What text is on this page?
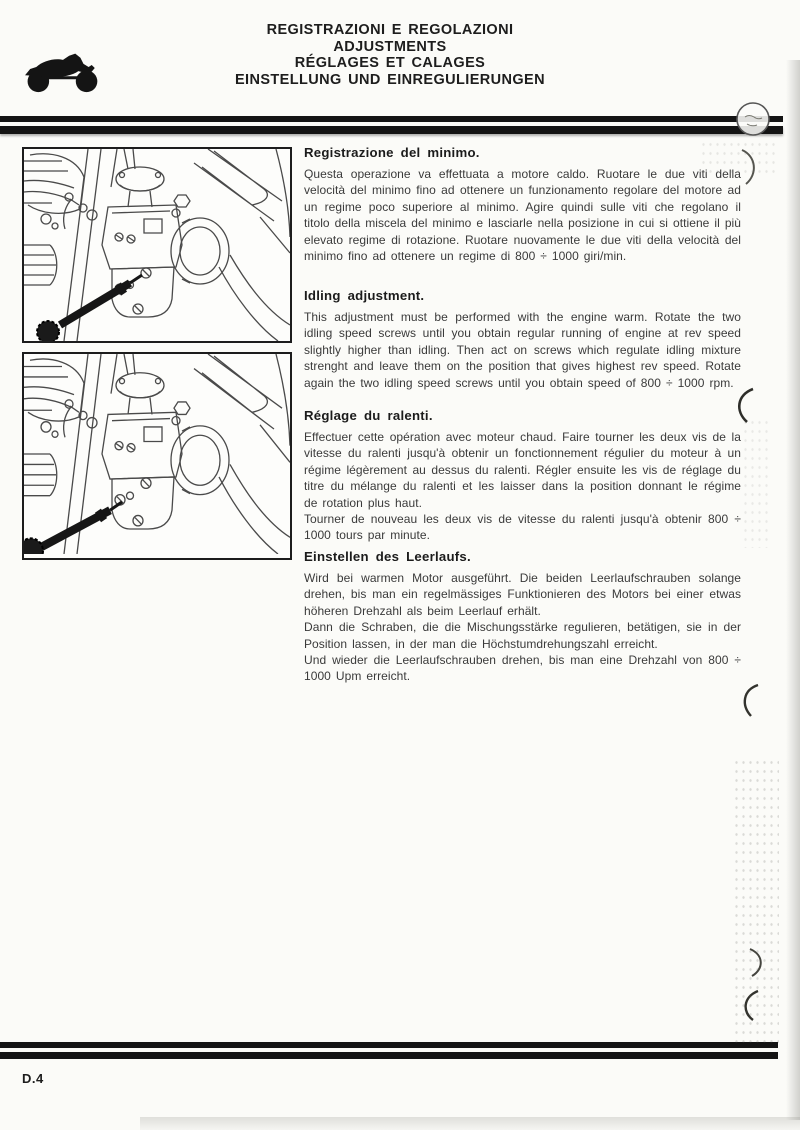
REGISTRAZIONI E REGOLAZIONI
ADJUSTMENTS
RÉGLAGES ET CALAGES
EINSTELLUNG UND EINREGULIERUNGEN
Registrazione del minimo.

Questa operazione va effettuata a motore caldo. Ruotare le due viti della velocità del minimo fino ad ottenere un funzionamento regolare del motore ad un regime poco superiore al minimo. Agire quindi sulle viti che regolano il titolo della miscela del minimo e lasciarle nella posizione in cui si ottiene il più elevato regime di rotazione. Ruotare nuovamente le due viti della velocità del minimo fino ad ottenere un regime di 800 ÷ 1000 giri/min.

Idling adjustment.

This adjustment must be performed with the engine warm. Rotate the two idling speed screws until you obtain regular running of engine at rev speed slightly higher than idling. Then act on screws which regulate idling mixture strenght and leave them on the position that gives highest rev speed. Rotate again the two idling speed screws until you obtain speed of 800 ÷ 1000 rpm.

Réglage du ralenti.

Effectuer cette opération avec moteur chaud. Faire tourner les deux vis de la vitesse du ralenti jusqu'à obtenir un fonctionnement régulier du moteur à un régime légèrement au dessus du ralenti. Régler ensuite les vis de réglage du titre du mélange du ralenti et les laisser dans la position donnant le régime de rotation plus haut.

Tourner de nouveau les deux vis de vitesse du ralenti jusqu'à obtenir 800 ÷ 1000 tours par minute.

Einstellen des Leerlaufs.

Wird bei warmen Motor ausgeführt. Die beiden Leerlaufschrauben solange drehen, bis man ein regelmässiges Funktionieren des Motors bei einer etwas höheren Drehzahl als beim Leerlauf erhält.

Dann die Schraben, die die Mischungsstärke regulieren, betätigen, sie in der Position lassen, in der man die Höchstumdrehungszahl erreicht.

Und wieder die Leerlaufschrauben drehen, bis man eine Drehzahl von 800 ÷ 1000 Upm erreicht.

D.4
